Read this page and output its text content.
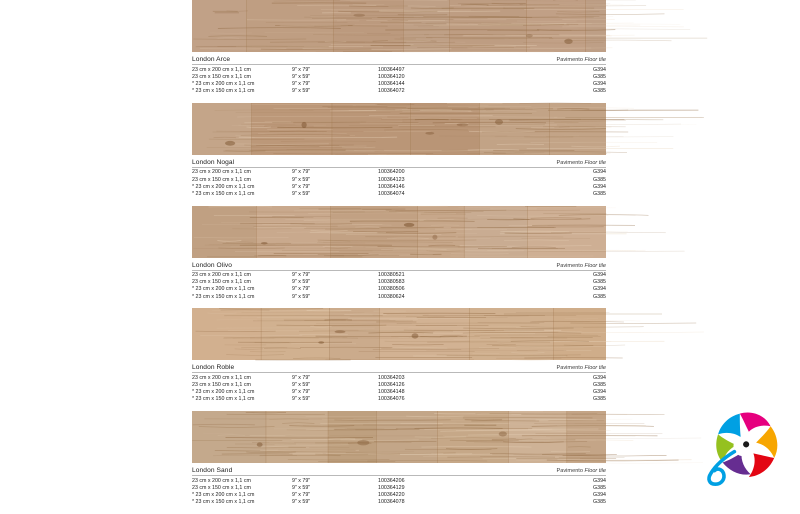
London Arce	Pavimento Floor tile
23 cm x 200 cm x 1,1 cm	9" x 79"	100364497	G394
23 cm x 150 cm x 1,1 cm	9" x 59"	100364120	G385
* 23 cm x 200 cm x 1,1 cm	9" x 79"	100364144	G394
* 23 cm x 150 cm x 1,1 cm	9" x 59"	100364072	G385
London Nogal	Pavimento Floor tile
23 cm x 200 cm x 1,1 cm	9" x 79"	100364200	G394
23 cm x 150 cm x 1,1 cm	9" x 59"	100364123	G385
* 23 cm x 200 cm x 1,1 cm	9" x 79"	100364146	G394
* 23 cm x 150 cm x 1,1 cm	9" x 59"	100364074	G385
London Olivo	Pavimento Floor tile
23 cm x 200 cm x 1,1 cm	9" x 79"	100380521	G394
23 cm x 150 cm x 1,1 cm	9" x 59"	100380583	G385
* 23 cm x 200 cm x 1,1 cm	9" x 79"	100380506	G394
* 23 cm x 150 cm x 1,1 cm	9" x 59"	100380624	G385
London Roble	Pavimento Floor tile
23 cm x 200 cm x 1,1 cm	9" x 79"	100364203	G394
23 cm x 150 cm x 1,1 cm	9" x 59"	100364126	G385
* 23 cm x 200 cm x 1,1 cm	9" x 79"	100364148	G394
* 23 cm x 150 cm x 1,1 cm	9" x 59"	100364076	G385
London Sand	Pavimento Floor tile
23 cm x 200 cm x 1,1 cm	9" x 79"	100364206	G394
23 cm x 150 cm x 1,1 cm	9" x 59"	100364129	G385
* 23 cm x 200 cm x 1,1 cm	9" x 79"	100364220	G394
* 23 cm x 150 cm x 1,1 cm	9" x 59"	100364078	G385
